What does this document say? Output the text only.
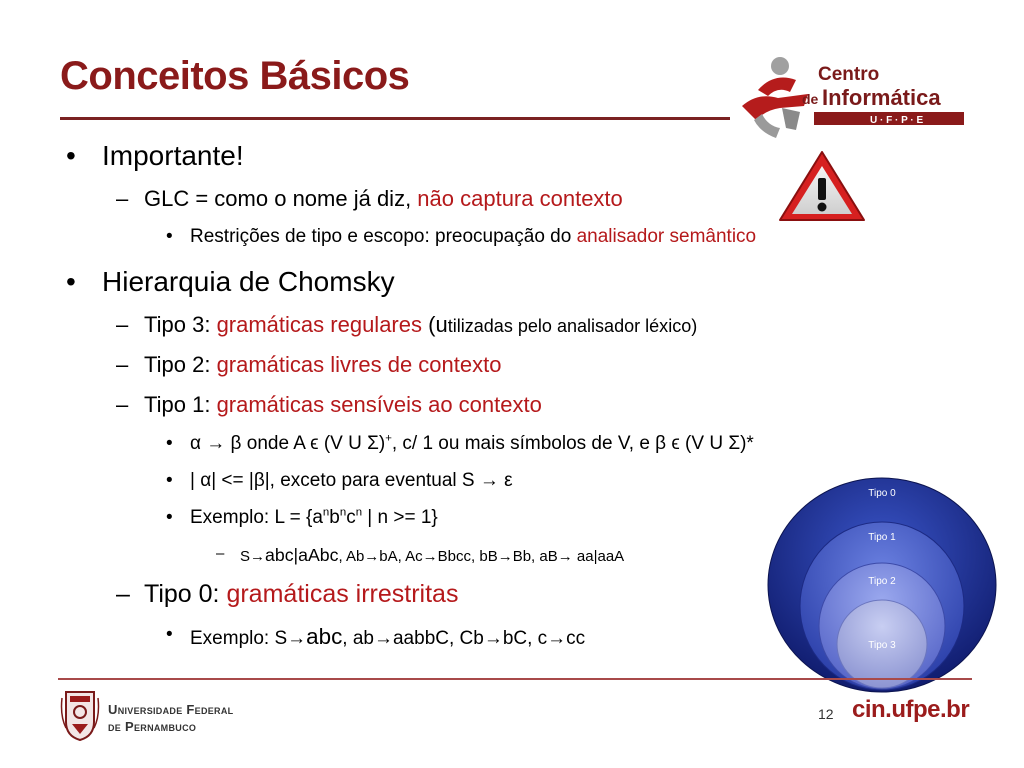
Conceitos Básicos	Centro
de Informática
U · F · P · E
• Importante!
– GLC = como o nome já diz, não captura contexto
• Restrições de tipo e escopo: preocupação do analisador semântico
• Hierarquia de Chomsky
– Tipo 3: gramáticas regulares (utilizadas pelo analisador léxico)
– Tipo 2: gramáticas livres de contexto
– Tipo 1: gramáticas sensíveis ao contexto
• α → β onde A ϵ (V U Σ)+, c/ 1 ou mais símbolos de V, e β ϵ (V U Σ)*
• | α| <= |β|, exceto para eventual S → ε
• Exemplo: $L = \{a^nb^nc^n$ | n >= 1}
– S→abc|aAbc, Ab→bA, Ac→Bbcc, bB→Bb, aB→ aa|aaA
– Tipo 0: gramáticas irrestritas
• Exemplo: S→abc, ab→aabbC, Cb→bC, c→cc
Tipo 0
Tipo 1
Tipo 2
Tipo 3
Universidade Federal
de Pernambuco
12 cin.ufpe.br
